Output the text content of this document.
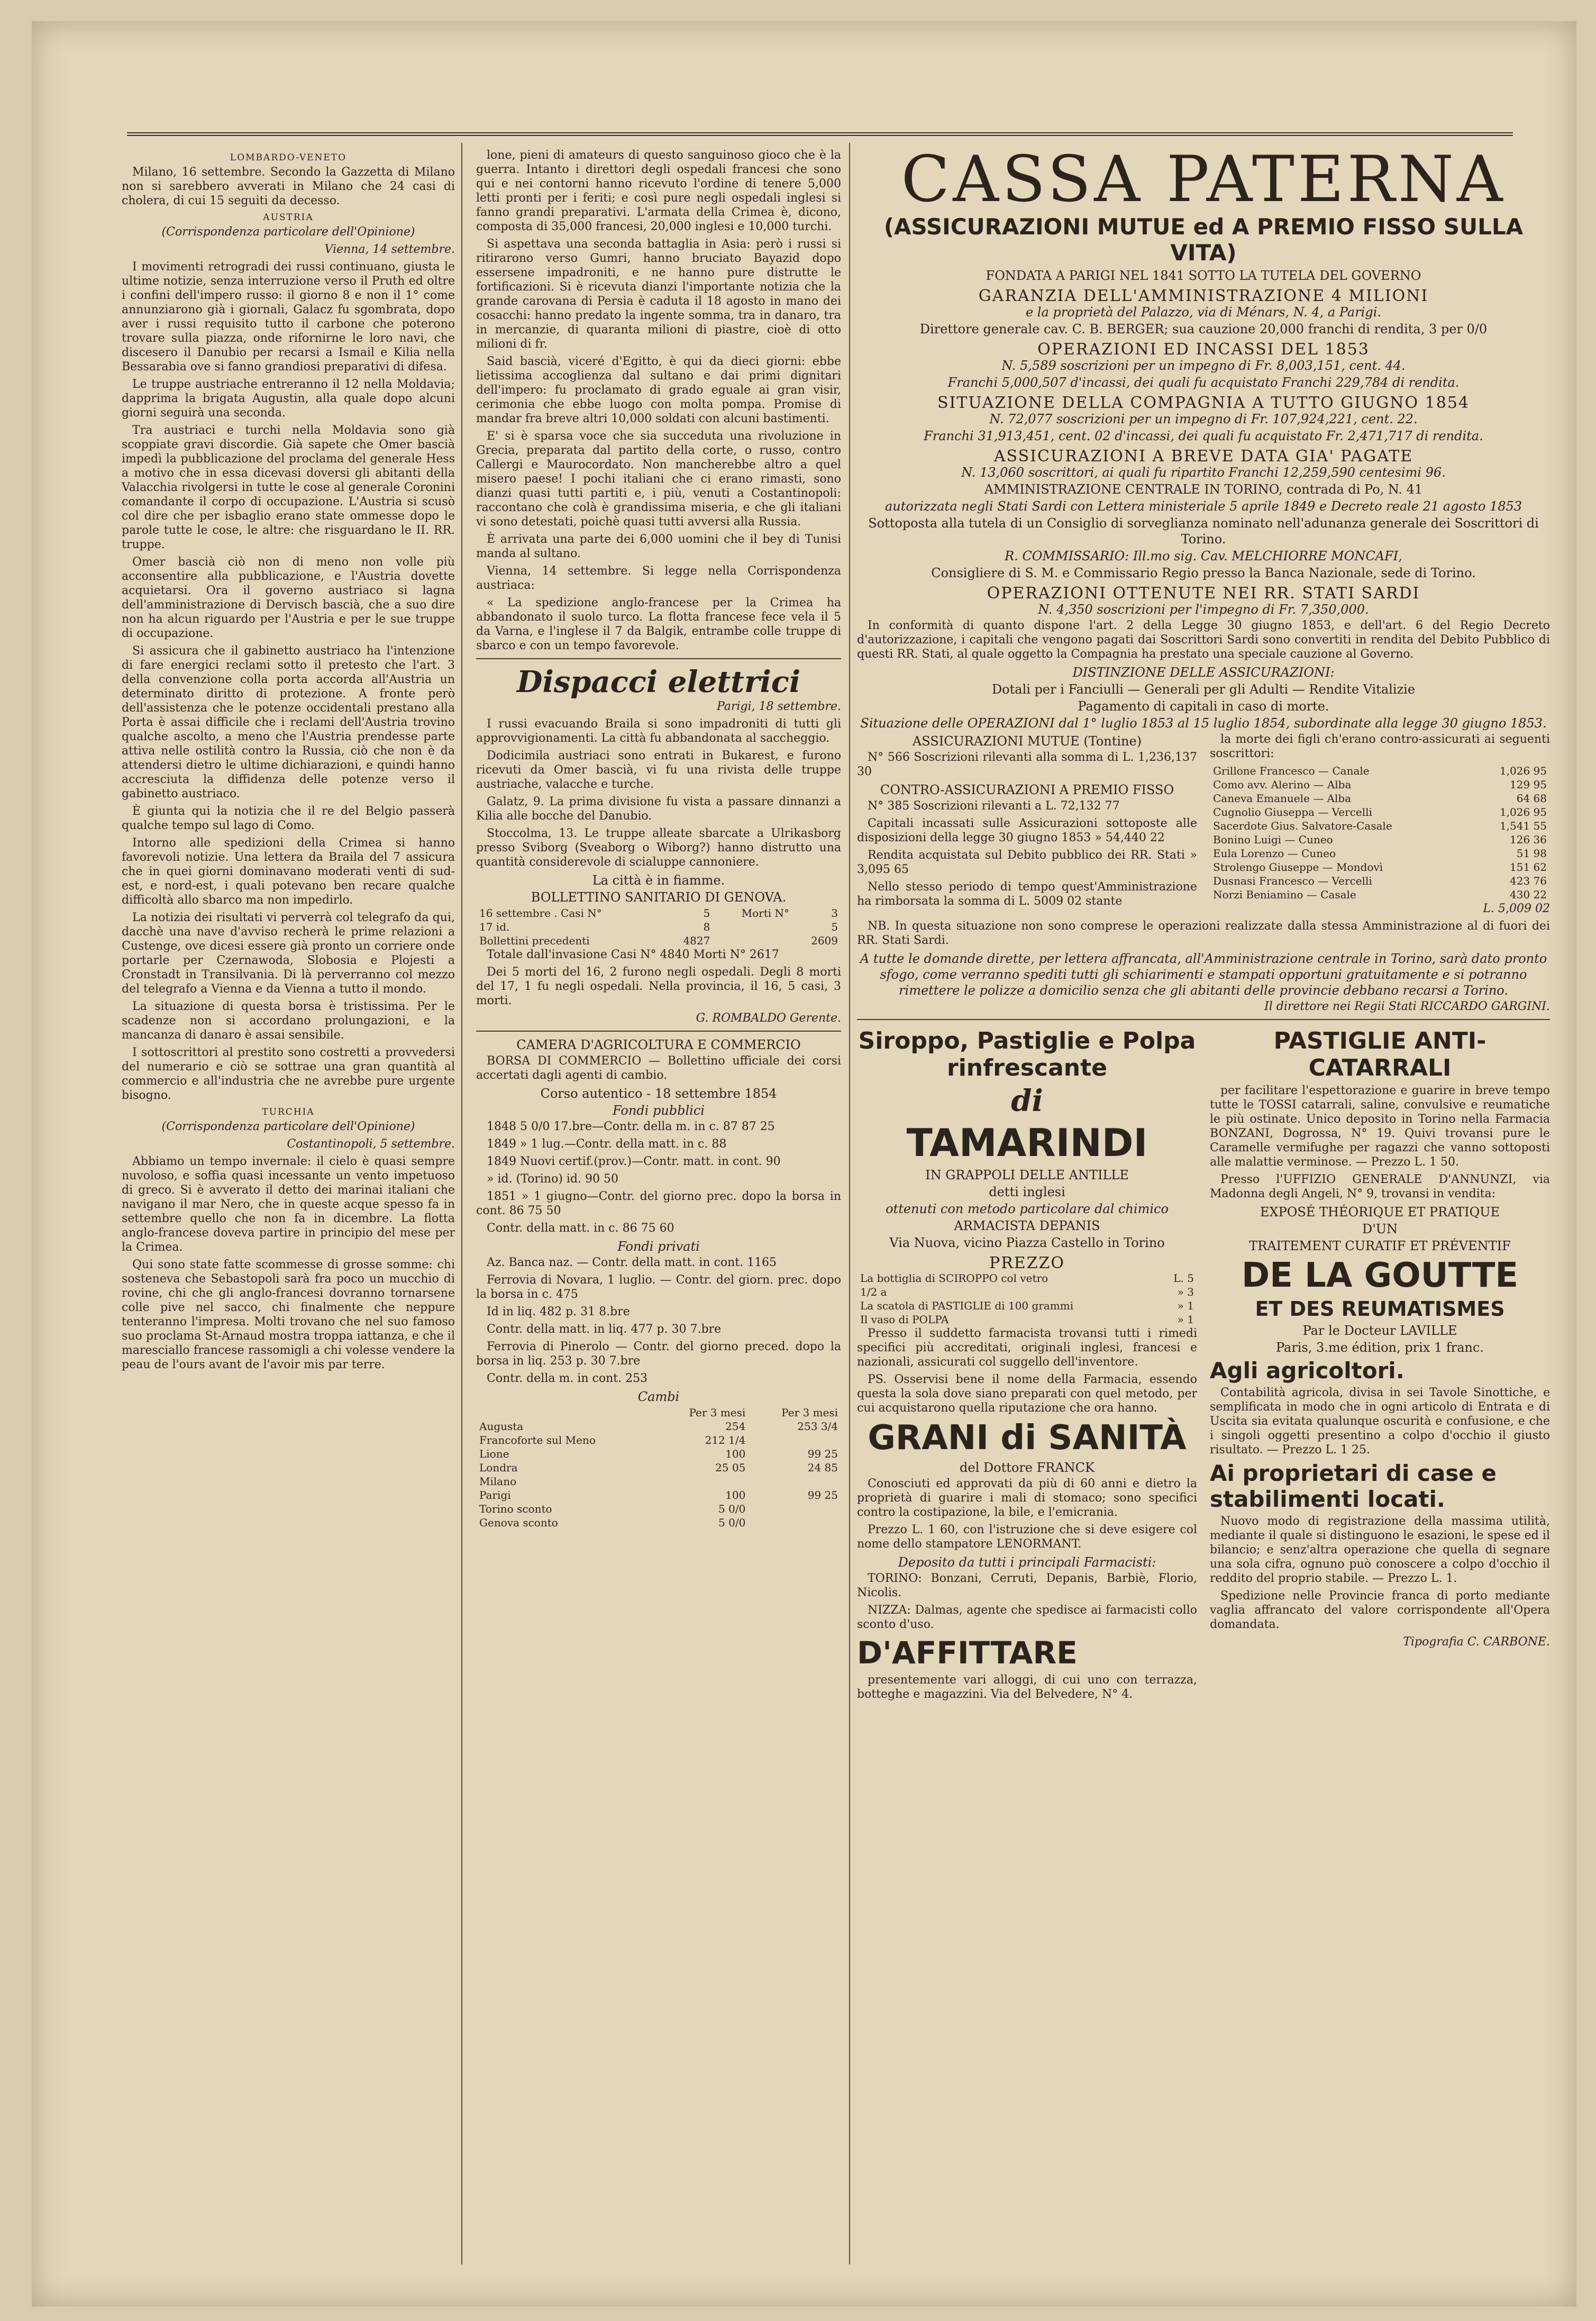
LOMBARDO-VENETO

Milano, 16 settembre. Secondo la Gazzetta di Milano non si sarebbero avverati in Milano che 24 casi di cholera, di cui 15 seguiti da decesso.

AUSTRIA

(Corrispondenza particolare dell'Opinione)

Vienna, 14 settembre.

I movimenti retrogradi dei russi continuano, giusta le ultime notizie, senza interruzione verso il Pruth ed oltre i confini dell'impero russo: il giorno 8 e non il 1° come annunziarono già i giornali, Galacz fu sgombrata, dopo aver i russi requisito tutto il carbone che poterono trovare sulla piazza, onde rifornirne le loro navi, che discesero il Danubio per recarsi a Ismail e Kilia nella Bessarabia ove si fanno grandiosi preparativi di difesa.

Le truppe austriache entreranno il 12 nella Moldavia; dapprima la brigata Augustin, alla quale dopo alcuni giorni seguirà una seconda.

Tra austriaci e turchi nella Moldavia sono già scoppiate gravi discordie. Già sapete che Omer bascià impedì la pubblicazione del proclama del generale Hess a motivo che in essa dicevasi doversi gli abitanti della Valacchia rivolgersi in tutte le cose al generale Coronini comandante il corpo di occupazione. L'Austria si scusò col dire che per isbaglio erano state ommesse dopo le parole tutte le cose, le altre: che risguardano le II. RR. truppe.

Omer bascià ciò non di meno non volle più acconsentire alla pubblicazione, e l'Austria dovette acquietarsi. Ora il governo austriaco si lagna dell'amministrazione di Dervisch bascià, che a suo dire non ha alcun riguardo per l'Austria e per le sue truppe di occupazione.

Si assicura che il gabinetto austriaco ha l'intenzione di fare energici reclami sotto il pretesto che l'art. 3 della convenzione colla porta accorda all'Austria un determinato diritto di protezione. A fronte però dell'assistenza che le potenze occidentali prestano alla Porta è assai difficile che i reclami dell'Austria trovino qualche ascolto, a meno che l'Austria prendesse parte attiva nelle ostilità contro la Russia, ciò che non è da attendersi dietro le ultime dichiarazioni, e quindi hanno accresciuta la diffidenza delle potenze verso il gabinetto austriaco.

È giunta qui la notizia che il re del Belgio passerà qualche tempo sul lago di Como.

Intorno alle spedizioni della Crimea si hanno favorevoli notizie. Una lettera da Braila del 7 assicura che in quei giorni dominavano moderati venti di sud-est, e nord-est, i quali potevano ben recare qualche difficoltà allo sbarco ma non impedirlo.

La notizia dei risultati vi perverrà col telegrafo da qui, dacchè una nave d'avviso recherà le prime relazioni a Custenge, ove dicesi essere già pronto un corriere onde portarle per Czernawoda, Slobosia e Plojesti a Cronstadt in Transilvania. Di là perverranno col mezzo del telegrafo a Vienna e da Vienna a tutto il mondo.

La situazione di questa borsa è tristissima. Per le scadenze non si accordano prolungazioni, e la mancanza di danaro è assai sensibile.

I sottoscrittori al prestito sono costretti a provvedersi del numerario e ciò se sottrae una gran quantità al commercio e all'industria che ne avrebbe pure urgente bisogno.

TURCHIA

(Corrispondenza particolare dell'Opinione)

Costantinopoli, 5 settembre.

Abbiamo un tempo invernale: il cielo è quasi sempre nuvoloso, e soffia quasi incessante un vento impetuoso di greco. Si è avverato il detto dei marinai italiani che navigano il mar Nero, che in queste acque spesso fa in settembre quello che non fa in dicembre. La flotta anglo-francese doveva partire in principio del mese per la Crimea.

Qui sono state fatte scommesse di grosse somme: chi sosteneva che Sebastopoli sarà fra poco un mucchio di rovine, chi che gli anglo-francesi dovranno tornarsene colle pive nel sacco, chi finalmente che neppure tenteranno l'impresa. Molti trovano che nel suo famoso suo proclama St-Arnaud mostra troppa iattanza, e che il maresciallo francese rassomigli a chi volesse vendere la peau de l'ours avant de l'avoir mis par terre.

lone, pieni di amateurs di questo sanguinoso gioco che è la guerra. Intanto i direttori degli ospedali francesi che sono qui e nei contorni hanno ricevuto l'ordine di tenere 5,000 letti pronti per i feriti; e così pure negli ospedali inglesi si fanno grandi preparativi. L'armata della Crimea è, dicono, composta di 35,000 francesi, 20,000 inglesi e 10,000 turchi.

Si aspettava una seconda battaglia in Asia: però i russi si ritirarono verso Gumri, hanno bruciato Bayazid dopo essersene impadroniti, e ne hanno pure distrutte le fortificazioni. Si è ricevuta dianzi l'importante notizia che la grande carovana di Persia è caduta il 18 agosto in mano dei cosacchi: hanno predato la ingente somma, tra in danaro, tra in mercanzie, di quaranta milioni di piastre, cioè di otto milioni di fr.

Said bascià, viceré d'Egitto, è qui da dieci giorni: ebbe lietissima accoglienza dal sultano e dai primi dignitari dell'impero: fu proclamato di grado eguale ai gran visir, cerimonia che ebbe luogo con molta pompa. Promise di mandar fra breve altri 10,000 soldati con alcuni bastimenti.

E' si è sparsa voce che sia succeduta una rivoluzione in Grecia, preparata dal partito della corte, o russo, contro Callergi e Maurocordato. Non mancherebbe altro a quel misero paese! I pochi italiani che ci erano rimasti, sono dianzi quasi tutti partiti e, i più, venuti a Costantinopoli: raccontano che colà è grandissima miseria, e che gli italiani vi sono detestati, poichè quasi tutti avversi alla Russia.

È arrivata una parte dei 6,000 uomini che il bey di Tunisi manda al sultano.

Vienna, 14 settembre. Si legge nella Corrispondenza austriaca:

« La spedizione anglo-francese per la Crimea ha abbandonato il suolo turco. La flotta francese fece vela il 5 da Varna, e l'inglese il 7 da Balgik, entrambe colle truppe di sbarco e con un tempo favorevole.

Dispacci elettrici

Parigi, 18 settembre.

I russi evacuando Braila si sono impadroniti di tutti gli approvvigionamenti. La città fu abbandonata al saccheggio.

Dodicimila austriaci sono entrati in Bukarest, e furono ricevuti da Omer bascià, vi fu una rivista delle truppe austriache, valacche e turche.

Galatz, 9. La prima divisione fu vista a passare dinnanzi a Kilia alle bocche del Danubio.

Stoccolma, 13. Le truppe alleate sbarcate a Ulrikasborg presso Sviborg (Sveaborg o Wiborg?) hanno distrutto una quantità considerevole di scialuppe cannoniere.

La città è in fiamme.

BOLLETTINO SANITARIO DI GENOVA.

16 settembre . Casi N°	5	Morti N°	3
17 id.	8		5
Bollettini precedenti	4827		2609

Totale dall'invasione Casi N° 4840 Morti N° 2617

Dei 5 morti del 16, 2 furono negli ospedali. Degli 8 morti del 17, 1 fu negli ospedali. Nella provincia, il 16, 5 casi, 3 morti.

G. ROMBALDO Gerente.

CAMERA D'AGRICOLTURA E COMMERCIO

BORSA DI COMMERCIO — Bollettino ufficiale dei corsi accertati dagli agenti di cambio.

Corso autentico - 18 settembre 1854

Fondi pubblici

1848 5 0/0 17.bre—Contr. della m. in c. 87 87 25

1849 » 1 lug.—Contr. della matt. in c. 88

1849 Nuovi certif.(prov.)—Contr. matt. in cont. 90

» id. (Torino) id. 90 50

1851 » 1 giugno—Contr. del giorno prec. dopo la borsa in cont. 86 75 50

Contr. della matt. in c. 86 75 60

Fondi privati

Az. Banca naz. — Contr. della matt. in cont. 1165

Ferrovia di Novara, 1 luglio. — Contr. del giorn. prec. dopo la borsa in c. 475

Id in liq. 482 p. 31 8.bre

Contr. della matt. in liq. 477 p. 30 7.bre

Ferrovia di Pinerolo — Contr. del giorno preced. dopo la borsa in liq. 253 p. 30 7.bre

Contr. della m. in cont. 253

Cambi

	Per 3 mesi	Per 3 mesi
Augusta	254	253 3/4
Francoforte sul Meno	212 1/4	
Lione	100	99 25
Londra	25 05	24 85
Milano		
Parigi	100	99 25
Torino sconto	5 0/0	
Genova sconto	5 0/0	
CASSA PATERNA
(ASSICURAZIONI MUTUE ed A PREMIO FISSO SULLA VITA)

FONDATA A PARIGI NEL 1841 SOTTO LA TUTELA DEL GOVERNO

GARANZIA DELL'AMMINISTRAZIONE 4 MILIONI

e la proprietà del Palazzo, via di Ménars, N. 4, a Parigi.

Direttore generale cav. C. B. BERGER; sua cauzione 20,000 franchi di rendita, 3 per 0/0

OPERAZIONI ED INCASSI DEL 1853

N. 5,589 soscrizioni per un impegno di Fr. 8,003,151, cent. 44.

Franchi 5,000,507 d'incassi, dei quali fu acquistato Franchi 229,784 di rendita.

SITUAZIONE DELLA COMPAGNIA A TUTTO GIUGNO 1854

N. 72,077 soscrizioni per un impegno di Fr. 107,924,221, cent. 22.

Franchi 31,913,451, cent. 02 d'incassi, dei quali fu acquistato Fr. 2,471,717 di rendita.

ASSICURAZIONI A BREVE DATA GIA' PAGATE

N. 13,060 soscrittori, ai quali fu ripartito Franchi 12,259,590 centesimi 96.

AMMINISTRAZIONE CENTRALE IN TORINO, contrada di Po, N. 41

autorizzata negli Stati Sardi con Lettera ministeriale 5 aprile 1849 e Decreto reale 21 agosto 1853

Sottoposta alla tutela di un Consiglio di sorveglianza nominato nell'adunanza generale dei Soscrittori di Torino.

R. COMMISSARIO: Ill.mo sig. Cav. MELCHIORRE MONCAFI,

Consigliere di S. M. e Commissario Regio presso la Banca Nazionale, sede di Torino.

OPERAZIONI OTTENUTE NEI RR. STATI SARDI

N. 4,350 soscrizioni per l'impegno di Fr. 7,350,000.

In conformità di quanto dispone l'art. 2 della Legge 30 giugno 1853, e dell'art. 6 del Regio Decreto d'autorizzazione, i capitali che vengono pagati dai Soscrittori Sardi sono convertiti in rendita del Debito Pubblico di questi RR. Stati, al quale oggetto la Compagnia ha prestato una speciale cauzione al Governo.

DISTINZIONE DELLE ASSICURAZIONI:

Dotali per i Fanciulli — Generali per gli Adulti — Rendite Vitalizie

Pagamento di capitali in caso di morte.

Situazione delle OPERAZIONI dal 1° luglio 1853 al 15 luglio 1854, subordinate alla legge 30 giugno 1853.

ASSICURAZIONI MUTUE (Tontine)

N° 566 Soscrizioni rilevanti alla somma di L. 1,236,137 30

CONTRO-ASSICURAZIONI A PREMIO FISSO

N° 385 Soscrizioni rilevanti a L. 72,132 77

Capitali incassati sulle Assicurazioni sottoposte alle disposizioni della legge 30 giugno 1853 » 54,440 22

Rendita acquistata sul Debito pubblico dei RR. Stati » 3,095 65

Nello stesso periodo di tempo quest'Amministrazione ha rimborsata la somma di L. 5009 02 stante

la morte dei figli ch'erano contro-assicurati ai seguenti soscrittori:

Grillone Francesco — Canale	1,026 95
Como avv. Alerino — Alba	129 95
Caneva Emanuele — Alba	64 68
Cugnolio Giuseppa — Vercelli	1,026 95
Sacerdote Gius. Salvatore-Casale	1,541 55
Bonino Luigi — Cuneo	126 36
Eula Lorenzo — Cuneo	51 98
Strolengo Giuseppe — Mondovì	151 62
Dusnasi Francesco — Vercelli	423 76
Norzi Beniamino — Casale	430 22

L. 5,009 02

NB. In questa situazione non sono comprese le operazioni realizzate dalla stessa Amministrazione al di fuori dei RR. Stati Sardi.

A tutte le domande dirette, per lettera affrancata, all'Amministrazione centrale in Torino, sarà dato pronto sfogo, come verranno spediti tutti gli schiarimenti e stampati opportuni gratuitamente e si potranno rimettere le polizze a domicilio senza che gli abitanti delle provincie debbano recarsi a Torino.

Il direttore nei Regii Stati RICCARDO GARGINI.

Siroppo, Pastiglie e Polpa rinfrescante
di
TAMARINDI

IN GRAPPOLI DELLE ANTILLE

detti inglesi

ottenuti con metodo particolare dal chimico

ARMACISTA DEPANIS

Via Nuova, vicino Piazza Castello in Torino

PREZZO

La bottiglia di SCIROPPO col vetro	L. 5
1/2 a	» 3
La scatola di PASTIGLIE di 100 grammi	» 1
Il vaso di POLPA	» 1

Presso il suddetto farmacista trovansi tutti i rimedi specifici più accreditati, originali inglesi, francesi e nazionali, assicurati col suggello dell'inventore.

PS. Osservisi bene il nome della Farmacia, essendo questa la sola dove siano preparati con quel metodo, per cui acquistarono quella riputazione che ora hanno.

GRANI di SANITÀ

del Dottore FRANCK

Conosciuti ed approvati da più di 60 anni e dietro la proprietà di guarire i mali di stomaco; sono specifici contro la costipazione, la bile, e l'emicrania.

Prezzo L. 1 60, con l'istruzione che si deve esigere col nome dello stampatore LENORMANT.

Deposito da tutti i principali Farmacisti:

TORINO: Bonzani, Cerruti, Depanis, Barbiè, Florio, Nicolis.

NIZZA: Dalmas, agente che spedisce ai farmacisti collo sconto d'uso.

D'AFFITTARE

presentemente vari alloggi, di cui uno con terrazza, botteghe e magazzini. Via del Belvedere, N° 4.

PASTIGLIE ANTI-CATARRALI

per facilitare l'espettorazione e guarire in breve tempo tutte le TOSSI catarrali, saline, convulsive e reumatiche le più ostinate. Unico deposito in Torino nella Farmacia BONZANI, Dogrossa, N° 19. Quivi trovansi pure le Caramelle vermifughe per ragazzi che vanno sottoposti alle malattie verminose. — Prezzo L. 1 50.

Presso l'UFFIZIO GENERALE D'ANNUNZI, via Madonna degli Angeli, N° 9, trovansi in vendita:

EXPOSÉ THÉORIQUE ET PRATIQUE

D'UN

TRAITEMENT CURATIF ET PRÉVENTIF

DE LA GOUTTE
ET DES REUMATISMES

Par le Docteur LAVILLE

Paris, 3.me édition, prix 1 franc.

Agli agricoltori.

Contabilità agricola, divisa in sei Tavole Sinottiche, e semplificata in modo che in ogni articolo di Entrata e di Uscita sia evitata qualunque oscurità e confusione, e che i singoli oggetti presentino a colpo d'occhio il giusto risultato. — Prezzo L. 1 25.

Ai proprietari di case e stabilimenti locati.

Nuovo modo di registrazione della massima utilità, mediante il quale si distinguono le esazioni, le spese ed il bilancio; e senz'altra operazione che quella di segnare una sola cifra, ognuno può conoscere a colpo d'occhio il reddito del proprio stabile. — Prezzo L. 1.

Spedizione nelle Provincie franca di porto mediante vaglia affrancato del valore corrispondente all'Opera domandata.

Tipografia C. CARBONE.
